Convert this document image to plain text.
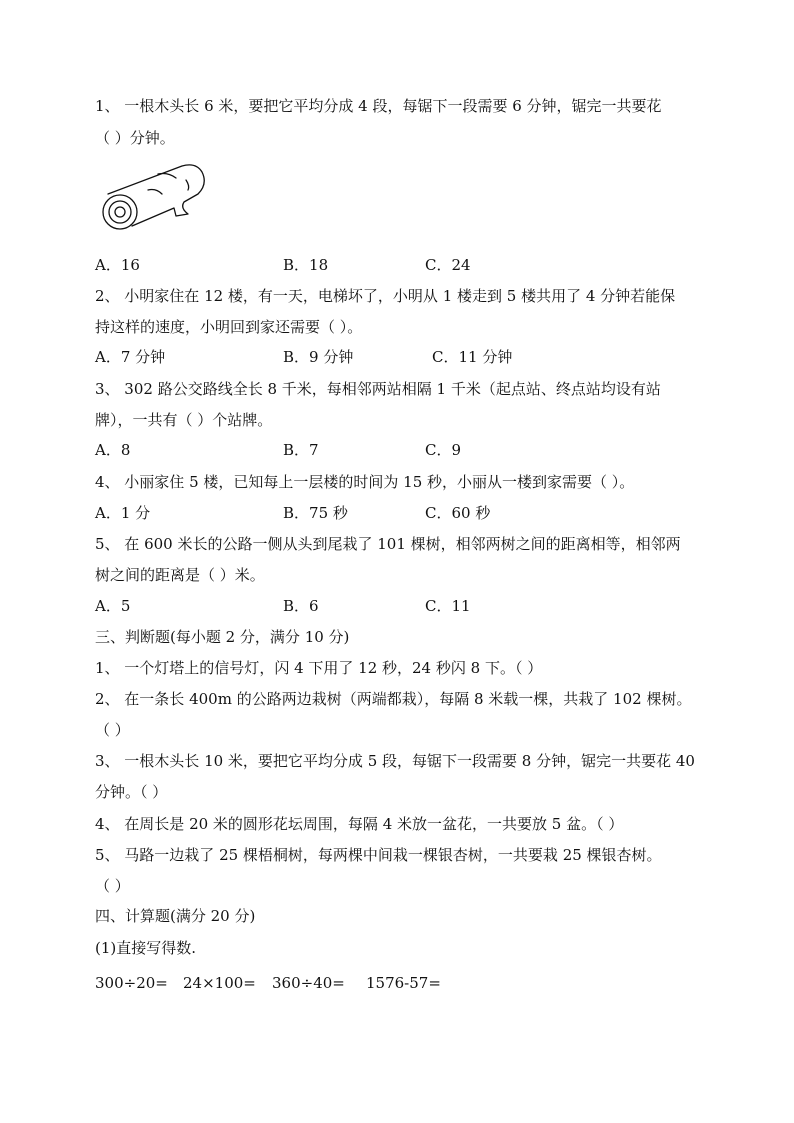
1、 一根木头长 6 米，要把它平均分成 4 段，每锯下一段需要 6 分钟，锯完一共要花
（ ）分钟。
A．16	B．18	C．24
2、 小明家住在 12 楼，有一天，电梯坏了，小明从 1 楼走到 5 楼共用了 4 分钟若能保
持这样的速度，小明回到家还需要（ ）。
A．7 分钟	B．9 分钟	C．11 分钟
3、 302 路公交路线全长 8 千米，每相邻两站相隔 1 千米（起点站、终点站均设有站
牌），一共有（ ）个站牌。
A．8	B．7	C．9
4、 小丽家住 5 楼，已知每上一层楼的时间为 15 秒，小丽从一楼到家需要（ ）。
A．1 分	B．75 秒	C．60 秒
5、 在 600 米长的公路一侧从头到尾栽了 101 棵树，相邻两树之间的距离相等，相邻两
树之间的距离是（ ）米。
A．5	B．6	C．11
三、判断题(每小题 2 分，满分 10 分)
1、 一个灯塔上的信号灯，闪 4 下用了 12 秒，24 秒闪 8 下。（ ）
2、 在一条长 400m 的公路两边栽树（两端都栽），每隔 8 米载一棵，共栽了 102 棵树。
（ ）
3、 一根木头长 10 米，要把它平均分成 5 段，每锯下一段需要 8 分钟，锯完一共要花 40
分钟。（ ）
4、 在周长是 20 米的圆形花坛周围，每隔 4 米放一盆花，一共要放 5 盆。（ ）
5、 马路一边栽了 25 棵梧桐树，每两棵中间栽一棵银杏树，一共要栽 25 棵银杏树。
（ ）
四、计算题(满分 20 分)
(1)直接写得数.
300÷20= 24×100= 360÷40= 1576-57=
